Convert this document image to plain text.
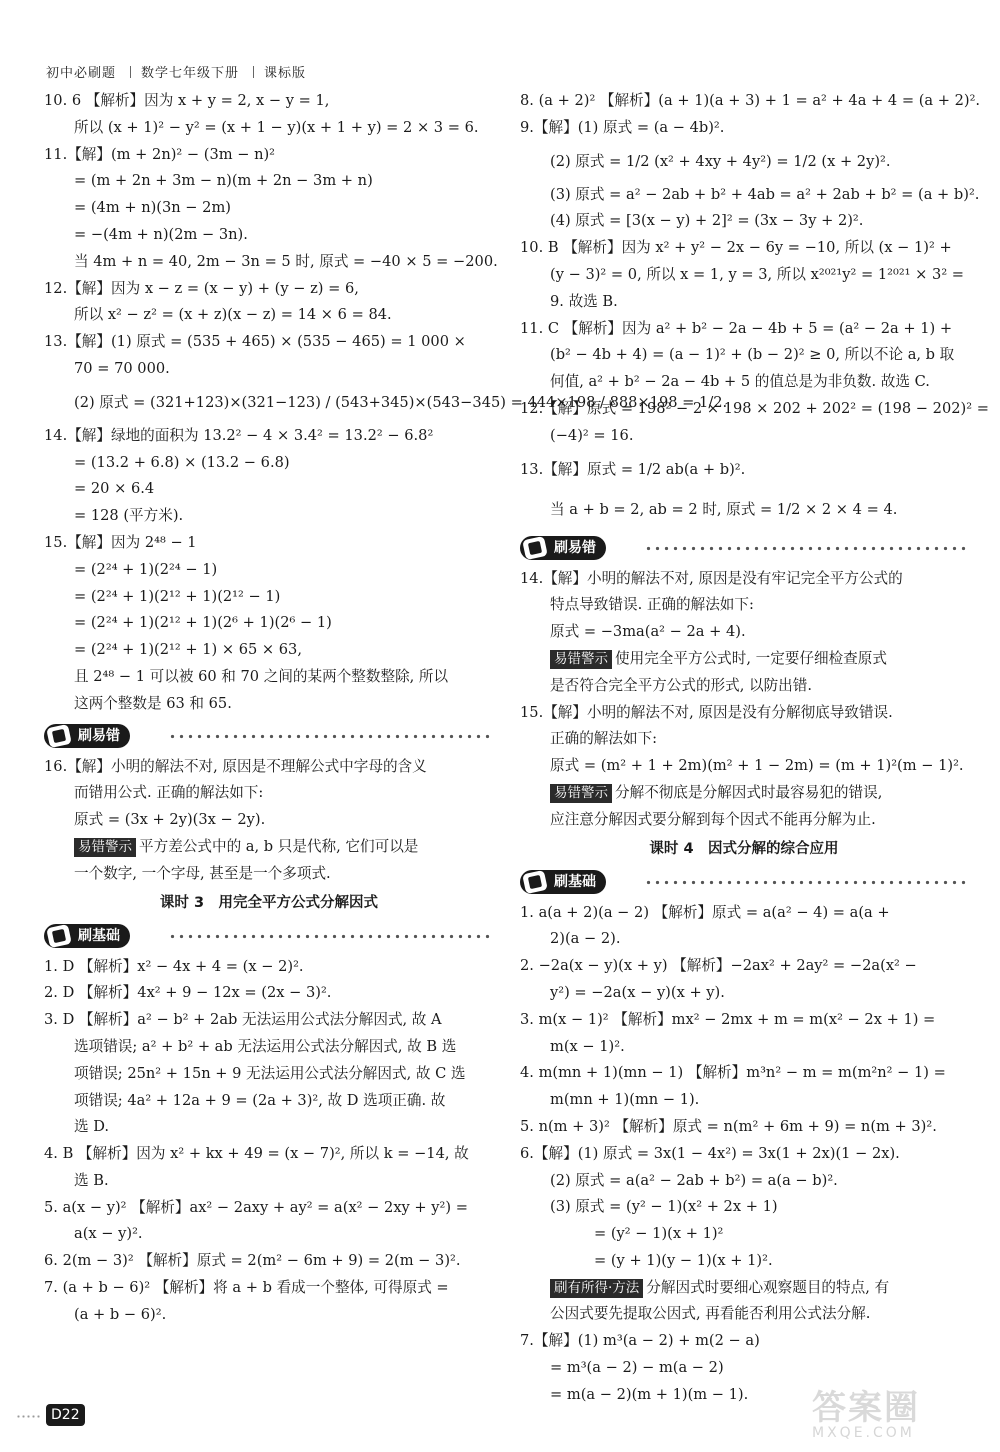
初中必刷题 数学七年级下册 课标版
10. 6 【解析】因为 x + y = 2, x − y = 1,
所以 (x + 1)² − y² = (x + 1 − y)(x + 1 + y) = 2 × 3 = 6.
11.【解】(m + 2n)² − (3m − n)²
= (m + 2n + 3m − n)(m + 2n − 3m + n)
= (4m + n)(3n − 2m)
= −(4m + n)(2m − 3n).
当 4m + n = 40, 2m − 3n = 5 时, 原式 = −40 × 5 = −200.
12.【解】因为 x − z = (x − y) + (y − z) = 6,
所以 x² − z² = (x + z)(x − z) = 14 × 6 = 84.
13.【解】(1) 原式 = (535 + 465) × (535 − 465) = 1 000 ×
70 = 70 000.
(2) 原式 = (321+123)×(321−123) / (543+345)×(543−345) = 444×198 / 888×198 = 1/2.
14.【解】绿地的面积为 13.2² − 4 × 3.4² = 13.2² − 6.8²
= (13.2 + 6.8) × (13.2 − 6.8)
= 20 × 6.4
= 128 (平方米).
15.【解】因为 2⁴⁸ − 1
= (2²⁴ + 1)(2²⁴ − 1)
= (2²⁴ + 1)(2¹² + 1)(2¹² − 1)
= (2²⁴ + 1)(2¹² + 1)(2⁶ + 1)(2⁶ − 1)
= (2²⁴ + 1)(2¹² + 1) × 65 × 63,
且 2⁴⁸ − 1 可以被 60 和 70 之间的某两个整数整除, 所以
这两个整数是 63 和 65.
刷易错
16.【解】小明的解法不对, 原因是不理解公式中字母的含义
而错用公式. 正确的解法如下:
原式 = (3x + 2y)(3x − 2y).
易错警示 平方差公式中的 a, b 只是代称, 它们可以是
一个数字, 一个字母, 甚至是一个多项式.
课时 3　用完全平方公式分解因式
刷基础
1. D 【解析】x² − 4x + 4 = (x − 2)².
2. D 【解析】4x² + 9 − 12x = (2x − 3)².
3. D 【解析】a² − b² + 2ab 无法运用公式法分解因式, 故 A
选项错误; a² + b² + ab 无法运用公式法分解因式, 故 B 选
项错误; 25n² + 15n + 9 无法运用公式法分解因式, 故 C 选
项错误; 4a² + 12a + 9 = (2a + 3)², 故 D 选项正确. 故
选 D.
4. B 【解析】因为 x² + kx + 49 = (x − 7)², 所以 k = −14, 故
选 B.
5. a(x − y)² 【解析】ax² − 2axy + ay² = a(x² − 2xy + y²) =
a(x − y)².
6. 2(m − 3)² 【解析】原式 = 2(m² − 6m + 9) = 2(m − 3)².
7. (a + b − 6)² 【解析】将 a + b 看成一个整体, 可得原式 =
(a + b − 6)².
8. (a + 2)² 【解析】(a + 1)(a + 3) + 1 = a² + 4a + 4 = (a + 2)².
9.【解】(1) 原式 = (a − 4b)².
(2) 原式 = 1/2 (x² + 4xy + 4y²) = 1/2 (x + 2y)².
(3) 原式 = a² − 2ab + b² + 4ab = a² + 2ab + b² = (a + b)².
(4) 原式 = [3(x − y) + 2]² = (3x − 3y + 2)².
10. B 【解析】因为 x² + y² − 2x − 6y = −10, 所以 (x − 1)² +
(y − 3)² = 0, 所以 x = 1, y = 3, 所以 x²⁰²¹y² = 1²⁰²¹ × 3² =
9. 故选 B.
11. C 【解析】因为 a² + b² − 2a − 4b + 5 = (a² − 2a + 1) +
(b² − 4b + 4) = (a − 1)² + (b − 2)² ≥ 0, 所以不论 a, b 取
何值, a² + b² − 2a − 4b + 5 的值总是为非负数. 故选 C.
12.【解】原式 = 198² − 2 × 198 × 202 + 202² = (198 − 202)² =
(−4)² = 16.
13.【解】原式 = 1/2 ab(a + b)².
当 a + b = 2, ab = 2 时, 原式 = 1/2 × 2 × 4 = 4.
刷易错
14.【解】小明的解法不对, 原因是没有牢记完全平方公式的
特点导致错误. 正确的解法如下:
原式 = −3ma(a² − 2a + 4).
易错警示 使用完全平方公式时, 一定要仔细检查原式
是否符合完全平方公式的形式, 以防出错.
15.【解】小明的解法不对, 原因是没有分解彻底导致错误.
正确的解法如下:
原式 = (m² + 1 + 2m)(m² + 1 − 2m) = (m + 1)²(m − 1)².
易错警示 分解不彻底是分解因式时最容易犯的错误,
应注意分解因式要分解到每个因式不能再分解为止.
课时 4　因式分解的综合应用
刷基础
1. a(a + 2)(a − 2) 【解析】原式 = a(a² − 4) = a(a +
2)(a − 2).
2. −2a(x − y)(x + y) 【解析】−2ax² + 2ay² = −2a(x² −
y²) = −2a(x − y)(x + y).
3. m(x − 1)² 【解析】mx² − 2mx + m = m(x² − 2x + 1) =
m(x − 1)².
4. m(mn + 1)(mn − 1) 【解析】m³n² − m = m(m²n² − 1) =
m(mn + 1)(mn − 1).
5. n(m + 3)² 【解析】原式 = n(m² + 6m + 9) = n(m + 3)².
6.【解】(1) 原式 = 3x(1 − 4x²) = 3x(1 + 2x)(1 − 2x).
(2) 原式 = a(a² − 2ab + b²) = a(a − b)².
(3) 原式 = (y² − 1)(x² + 2x + 1)
= (y² − 1)(x + 1)²
= (y + 1)(y − 1)(x + 1)².
刷有所得·方法 分解因式时要细心观察题目的特点, 有
公因式要先提取公因式, 再看能否利用公式法分解.
7.【解】(1) m³(a − 2) + m(2 − a)
= m³(a − 2) − m(a − 2)
= m(a − 2)(m + 1)(m − 1).
D22	答案圈
MXQE.COM
